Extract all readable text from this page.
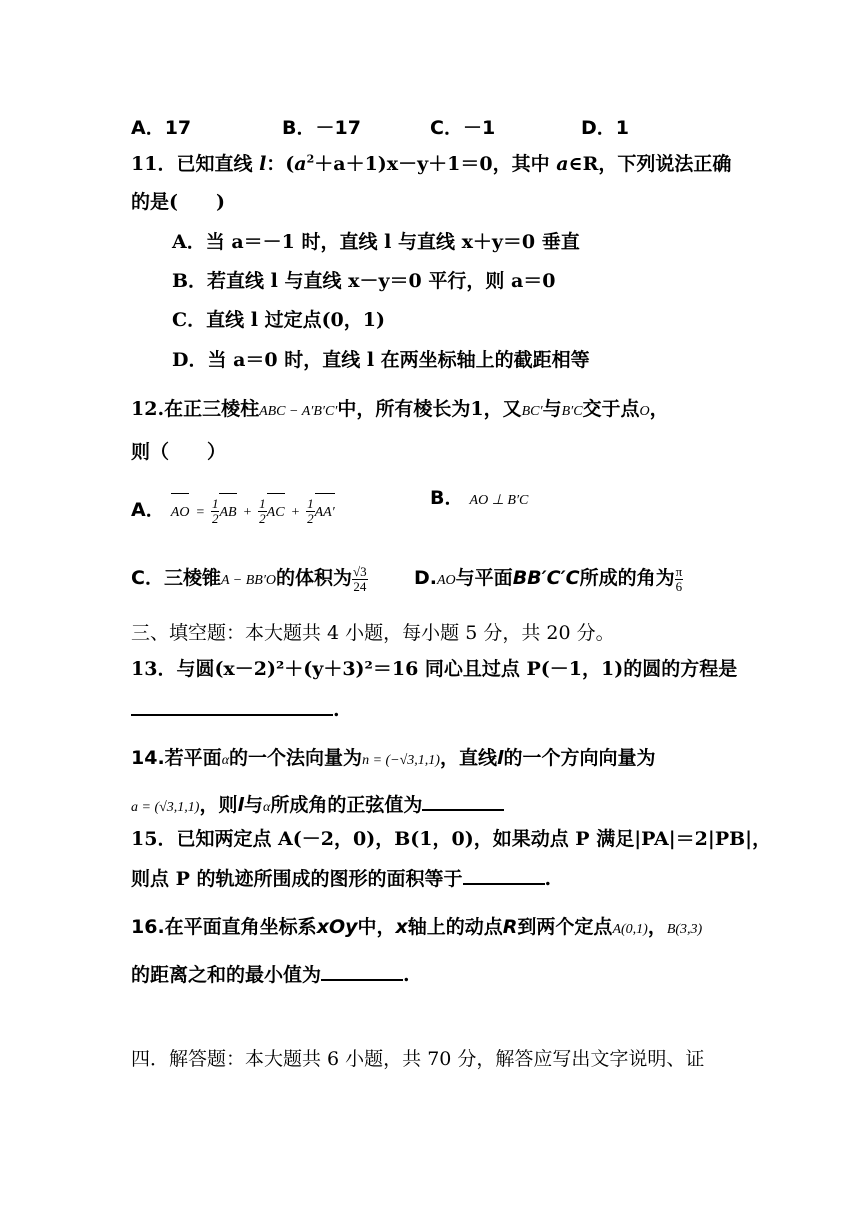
A．17	B．－17	C．－1	D．1
11．已知直线 l：$(a^2+a+1)x-y+1=0$，其中 a∈R，下列说法正确
的是(　　)
A．当 a＝－1 时，直线 l 与直线 x＋y＝0 垂直
B．若直线 l 与直线 x－y＝0 平行，则 a＝0
C．直线 l 过定点(0，1)
D．当 a＝0 时，直线 l 在两坐标轴上的截距相等
12.在正三棱柱ABC − A′B′C′中，所有棱长为1，又BC′与B′C交于点O，
则（　　）
A． AO = $\frac{1}{2}$ AB + $\frac{1}{2}$ AC + $\frac{1}{2} AA'$
B． AO ⊥ B′C
C．三棱锥A − BB′O的体积为 $\frac{√3}{24} D.AO$与平面BB′C′C所成的角为 $\frac{\pi}{6}$
三、填空题：本大题共 4 小题，每小题 5 分，共 20 分。
13．与圆(x－2)²＋(y＋3)²＝16 同心且过点 P(－1，1)的圆的方程是
.
14.若平面α的一个法向量为n = (−√3,1,1)，直线l的一个方向向量为
a = (√3,1,1)，则l与α所成角的正弦值为
15．已知两定点 A(－2，0)，B(1，0)，如果动点 P 满足|PA|＝2|PB|，
则点 P 的轨迹所围成的图形的面积等于	.
16.在平面直角坐标系xOy中，x轴上的动点R到两个定点A(0,1)，B(3,3)
的距离之和的最小值为	.
四．解答题：本大题共 6 小题，共 70 分，解答应写出文字说明、证
